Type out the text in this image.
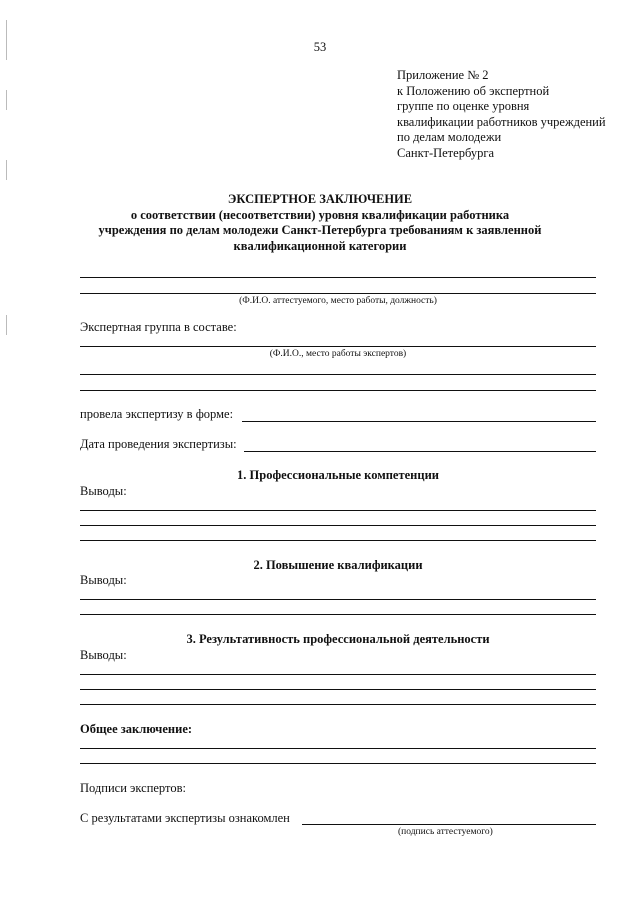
53
Приложение № 2
к Положению об экспертной
группе по оценке уровня
квалификации работников учреждений
по делам молодежи
Санкт-Петербурга
ЭКСПЕРТНОЕ ЗАКЛЮЧЕНИЕ
о соответствии (несоответствии) уровня квалификации работника
учреждения по делам молодежи Санкт-Петербурга требованиям к заявленной
квалификационной категории
(Ф.И.О. аттестуемого, место работы, должность)
Экспертная группа в составе:
(Ф.И.О., место работы экспертов)
провела экспертизу в форме:
Дата проведения экспертизы:
1. Профессиональные компетенции
Выводы:
2. Повышение квалификации
Выводы:
3. Результативность профессиональной деятельности
Выводы:
Общее заключение:
Подписи экспертов:
С результатами экспертизы ознакомлен
(подпись аттестуемого)
